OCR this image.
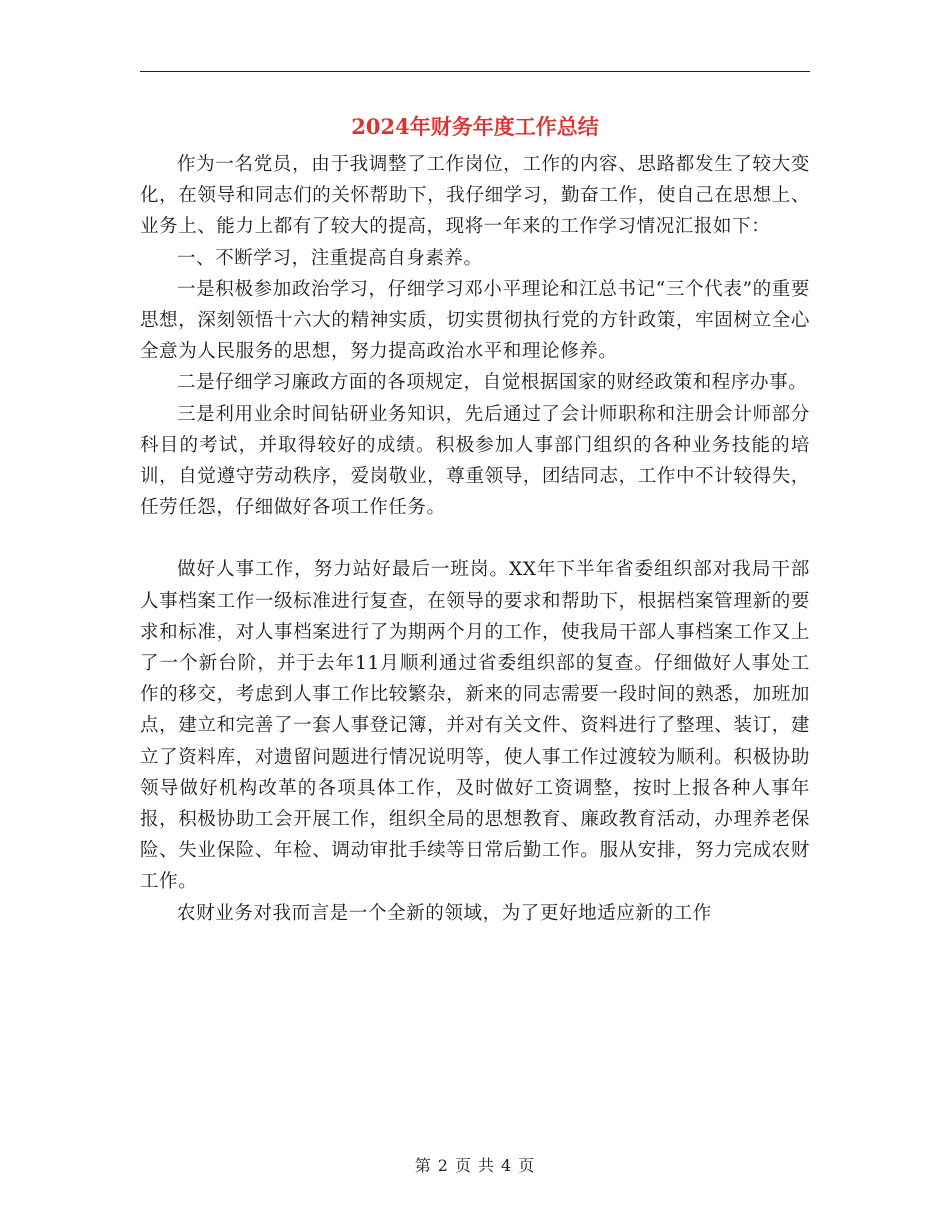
2024年财务年度工作总结

作为一名党员，由于我调整了工作岗位，工作的内容、思路都发生了较大变化，在领导和同志们的关怀帮助下，我仔细学习，勤奋工作，使自己在思想上、业务上、能力上都有了较大的提高，现将一年来的工作学习情况汇报如下：

一、不断学习，注重提高自身素养。

一是积极参加政治学习，仔细学习邓小平理论和江总书记“三个代表”的重要思想，深刻领悟十六大的精神实质，切实贯彻执行党的方针政策，牢固树立全心全意为人民服务的思想，努力提高政治水平和理论修养。

二是仔细学习廉政方面的各项规定，自觉根据国家的财经政策和程序办事。

三是利用业余时间钻研业务知识，先后通过了会计师职称和注册会计师部分科目的考试，并取得较好的成绩。积极参加人事部门组织的各种业务技能的培训，自觉遵守劳动秩序，爱岗敬业，尊重领导，团结同志，工作中不计较得失，任劳任怨，仔细做好各项工作任务。

做好人事工作，努力站好最后一班岗。XX年下半年省委组织部对我局干部人事档案工作一级标准进行复查，在领导的要求和帮助下，根据档案管理新的要求和标准，对人事档案进行了为期两个月的工作，使我局干部人事档案工作又上了一个新台阶，并于去年11月顺利通过省委组织部的复查。仔细做好人事处工作的移交，考虑到人事工作比较繁杂，新来的同志需要一段时间的熟悉，加班加点，建立和完善了一套人事登记簿，并对有关文件、资料进行了整理、装订，建立了资料库，对遗留问题进行情况说明等，使人事工作过渡较为顺利。积极协助领导做好机构改革的各项具体工作，及时做好工资调整，按时上报各种人事年报，积极协助工会开展工作，组织全局的思想教育、廉政教育活动，办理养老保险、失业保险、年检、调动审批手续等日常后勤工作。服从安排，努力完成农财工作。

农财业务对我而言是一个全新的领域，为了更好地适应新的工作

第 2 页 共 4 页
